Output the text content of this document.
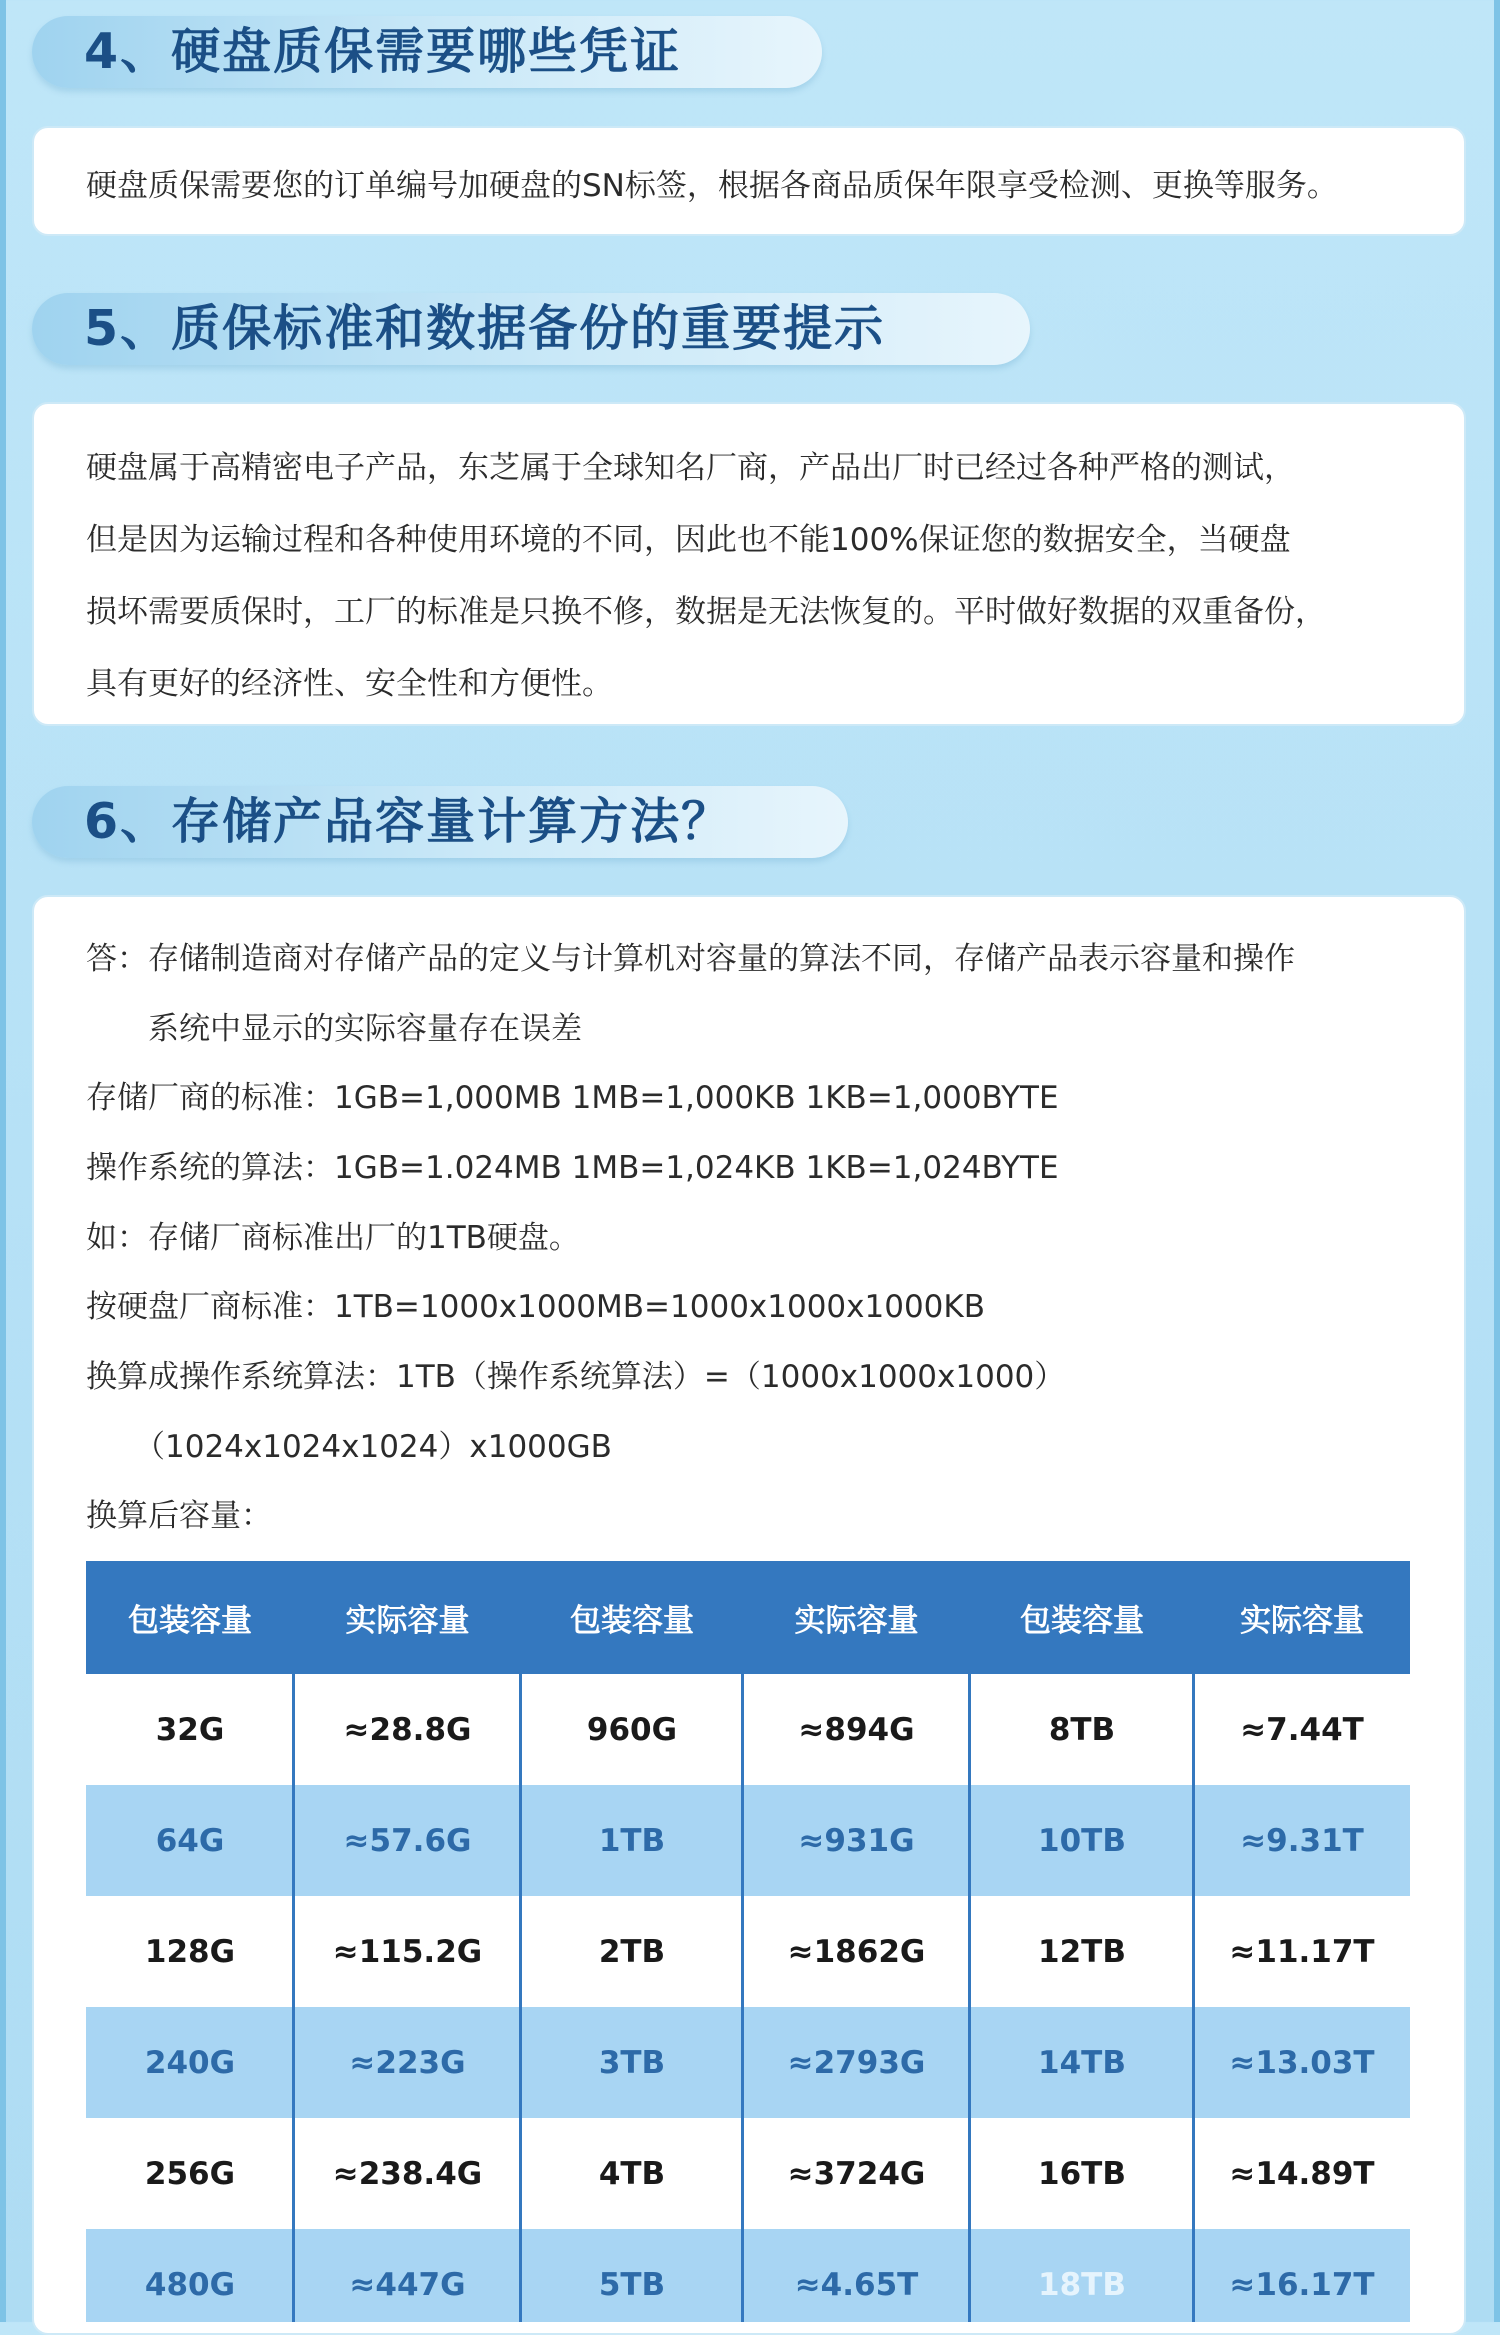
4、硬盘质保需要哪些凭证

硬盘质保需要您的订单编号加硬盘的SN标签，根据各商品质保年限享受检测、更换等服务。

5、质保标准和数据备份的重要提示

硬盘属于高精密电子产品，东芝属于全球知名厂商，产品出厂时已经过各种严格的测试，

但是因为运输过程和各种使用环境的不同，因此也不能100%保证您的数据安全，当硬盘

损坏需要质保时，工厂的标准是只换不修，数据是无法恢复的。平时做好数据的双重备份，

具有更好的经济性、安全性和方便性。

6、存储产品容量计算方法？

答：存储制造商对存储产品的定义与计算机对容量的算法不同，存储产品表示容量和操作

系统中显示的实际容量存在误差

存储厂商的标准：1GB=1,000MB 1MB=1,000KB 1KB=1,000BYTE

操作系统的算法：1GB=1.024MB 1MB=1,024KB 1KB=1,024BYTE

如：存储厂商标准出厂的1TB硬盘。

按硬盘厂商标准：1TB=1000x1000MB=1000x1000x1000KB

换算成操作系统算法：1TB（操作系统算法）=（1000x1000x1000）

（1024x1024x1024）x1000GB

换算后容量：

包装容量	实际容量	包装容量	实际容量	包装容量	实际容量
32G	≈28.8G	960G	≈894G	8TB	≈7.44T
64G	≈57.6G	1TB	≈931G	10TB	≈9.31T
128G	≈115.2G	2TB	≈1862G	12TB	≈11.17T
240G	≈223G	3TB	≈2793G	14TB	≈13.03T
256G	≈238.4G	4TB	≈3724G	16TB	≈14.89T
480G	≈447G	5TB	≈4.65T	18TB	≈16.17T
